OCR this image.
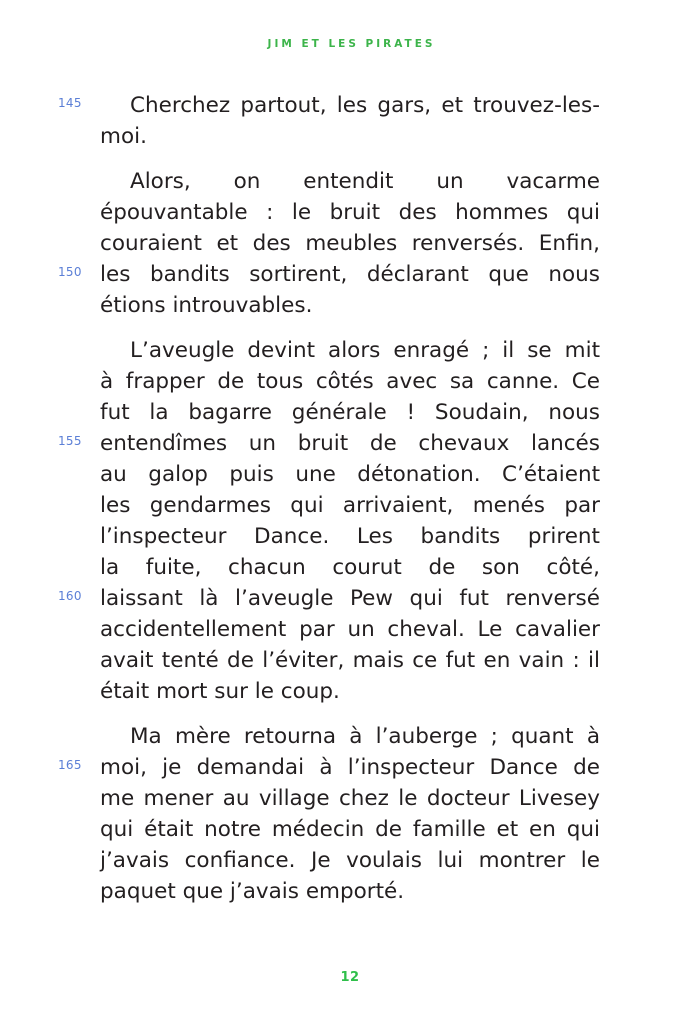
JIM ET LES PIRATES

145 Cherchez partout, les gars, et trouvez-les-
moi.

Alors, on entendit un vacarme
épouvantable : le bruit des hommes qui
couraient et des meubles renversés. Enfin,
150 les bandits sortirent, déclarant que nous
étions introuvables.

L’aveugle devint alors enragé ; il se mit
à frapper de tous côtés avec sa canne. Ce
fut la bagarre générale ! Soudain, nous
155 entendîmes un bruit de chevaux lancés
au galop puis une détonation. C’étaient
les gendarmes qui arrivaient, menés par
l’inspecteur Dance. Les bandits prirent
la fuite, chacun courut de son côté,
160 laissant là l’aveugle Pew qui fut renversé
accidentellement par un cheval. Le cavalier
avait tenté de l’éviter, mais ce fut en vain : il
était mort sur le coup.

Ma mère retourna à l’auberge ; quant à
165 moi, je demandai à l’inspecteur Dance de
me mener au village chez le docteur Livesey
qui était notre médecin de famille et en qui
j’avais confiance. Je voulais lui montrer le
paquet que j’avais emporté.

12
